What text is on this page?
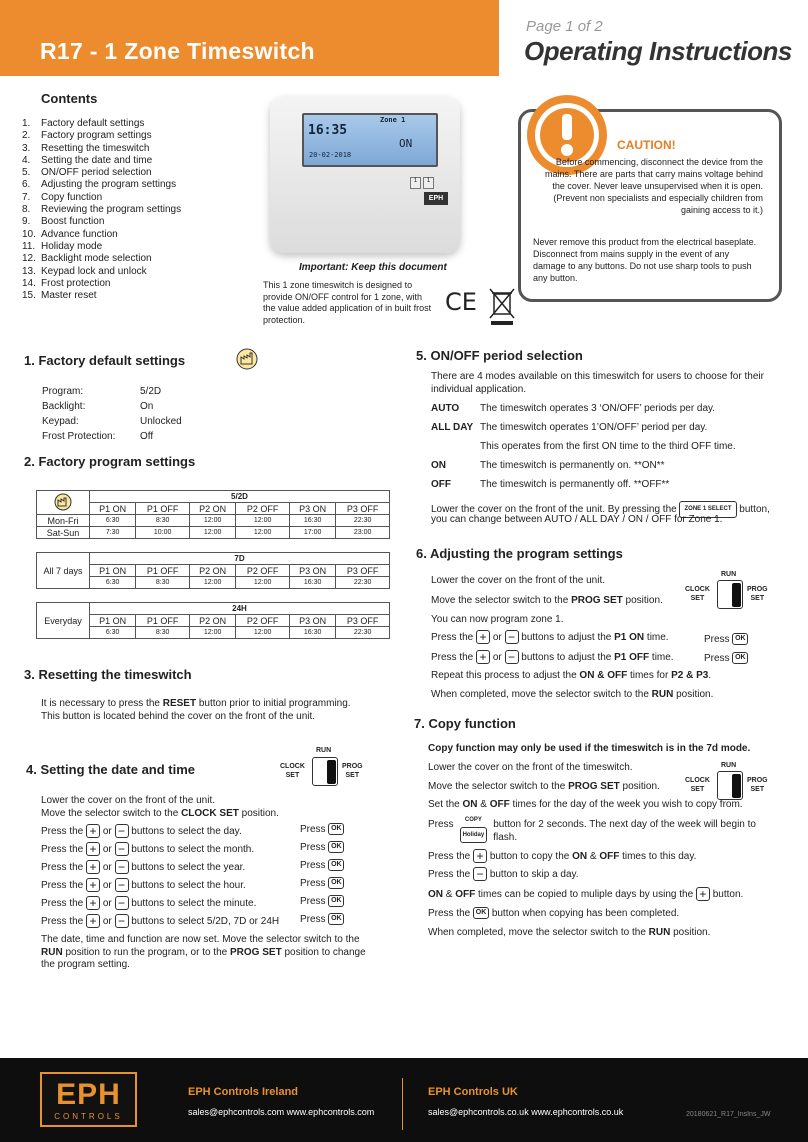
R17 - 1 Zone Timeswitch
Page 1 of 2
Operating Instructions
Contents
1. Factory default settings
2. Factory program settings
3. Resetting the timeswitch
4. Setting the date and time
5. ON/OFF period selection
6. Adjusting the program settings
7. Copy function
8. Reviewing the program settings
9. Boost function
10. Advance function
11. Holiday mode
12. Backlight mode selection
13. Keypad lock and unlock
14. Frost protection
15. Master reset
16:35
20-02-2018
Zone 1
ON
1	1
EPH
Important: Keep this document
This 1 zone timeswitch is designed to provide ON/OFF control for 1 zone, with the value added application of in built frost protection.
CE
CAUTION!
Before commencing, disconnect the device from the mains. There are parts that carry mains voltage behind the cover. Never leave unsupervised when it is open. (Prevent non specialists and especially children from gaining access to it.)
Never remove this product from the electrical baseplate. Disconnect from mains supply in the event of any damage to any buttons. Do not use sharp tools to push any button.
1. Factory default settings
Program:	5/2D
Backlight:	On
Keypad:	Unlocked
Frost Protection:	Off
2. Factory program settings
	5/2D					
	P1 ON	P1 OFF	P2 ON	P2 OFF	P3 ON	P3 OFF
Mon-Fri	6:30	8:30	12:00	12:00	16:30	22:30
Sat-Sun	7:30	10:00	12:00	12:00	17:00	23:00
All 7 days	7D					
	P1 ON	P1 OFF	P2 ON	P2 OFF	P3 ON	P3 OFF
	6:30	8:30	12:00	12:00	16:30	22:30
Everyday	24H					
	P1 ON	P1 OFF	P2 ON	P2 OFF	P3 ON	P3 OFF
	6:30	8:30	12:00	12:00	16:30	22:30
3. Resetting the timeswitch
It is necessary to press the RESET button prior to initial programming.
This button is located behind the cover on the front of the unit.
4. Setting the date and time
RUN
CLOCK
SET
PROG
SET
Lower the cover on the front of the unit.
Move the selector switch to the CLOCK SET position.
Press the + or − buttons to select the day.	Press OK
Press the + or − buttons to select the month.	Press OK
Press the + or − buttons to select the year.	Press OK
Press the + or − buttons to select the hour.	Press OK
Press the + or − buttons to select the minute.	Press OK
Press the + or − buttons to select 5/2D, 7D or 24H Press OK
The date, time and function are now set. Move the selector switch to the RUN position to run the program, or to the PROG SET position to change the program setting.
5. ON/OFF period selection
There are 4 modes available on this timeswitch for users to choose for their individual application.
AUTO	The timeswitch operates 3 ‘ON/OFF’ periods per day.
ALL DAY The timeswitch operates 1’ON/OFF’ period per day.
This operates from the first ON time to the third OFF time.
ON	The timeswitch is permanently on. **ON**
OFF	The timeswitch is permanently off. **OFF**
Lower the cover on the front of the unit. By pressing the ZONE 1 SELECT button,
you can change between AUTO / ALL DAY / ON / OFF for Zone 1.
6. Adjusting the program settings
Lower the cover on the front of the unit.
Move the selector switch to the PROG SET position.
You can now program zone 1.
RUN
CLOCK
SET
PROG
SET
Press the + or − buttons to adjust the P1 ON time.	Press OK
Press the + or − buttons to adjust the P1 OFF time.	Press OK
Repeat this process to adjust the ON & OFF times for P2 & P3.
When completed, move the selector switch to the RUN position.
7. Copy function
Copy function may only be used if the timeswitch is in the 7d mode.
Lower the cover on the front of the timeswitch.
Move the selector switch to the PROG SET position.
RUN
CLOCK
SET
PROG
SET
Set the ON & OFF times for the day of the week you wish to copy from.
Press COPY
Holiday
button for 2 seconds. The next day of the week will begin to flash.
Press the + button to copy the ON & OFF times to this day.
Press the − button to skip a day.
ON & OFF times can be copied to muliple days by using the + button.
Press the OK button when copying has been completed.
When completed, move the selector switch to the RUN position.
EPH
CONTROLS
EPH Controls Ireland
sales@ephcontrols.com www.ephcontrols.com
EPH Controls UK
sales@ephcontrols.co.uk www.ephcontrols.co.uk	20180621_R17_InsIns_JW
